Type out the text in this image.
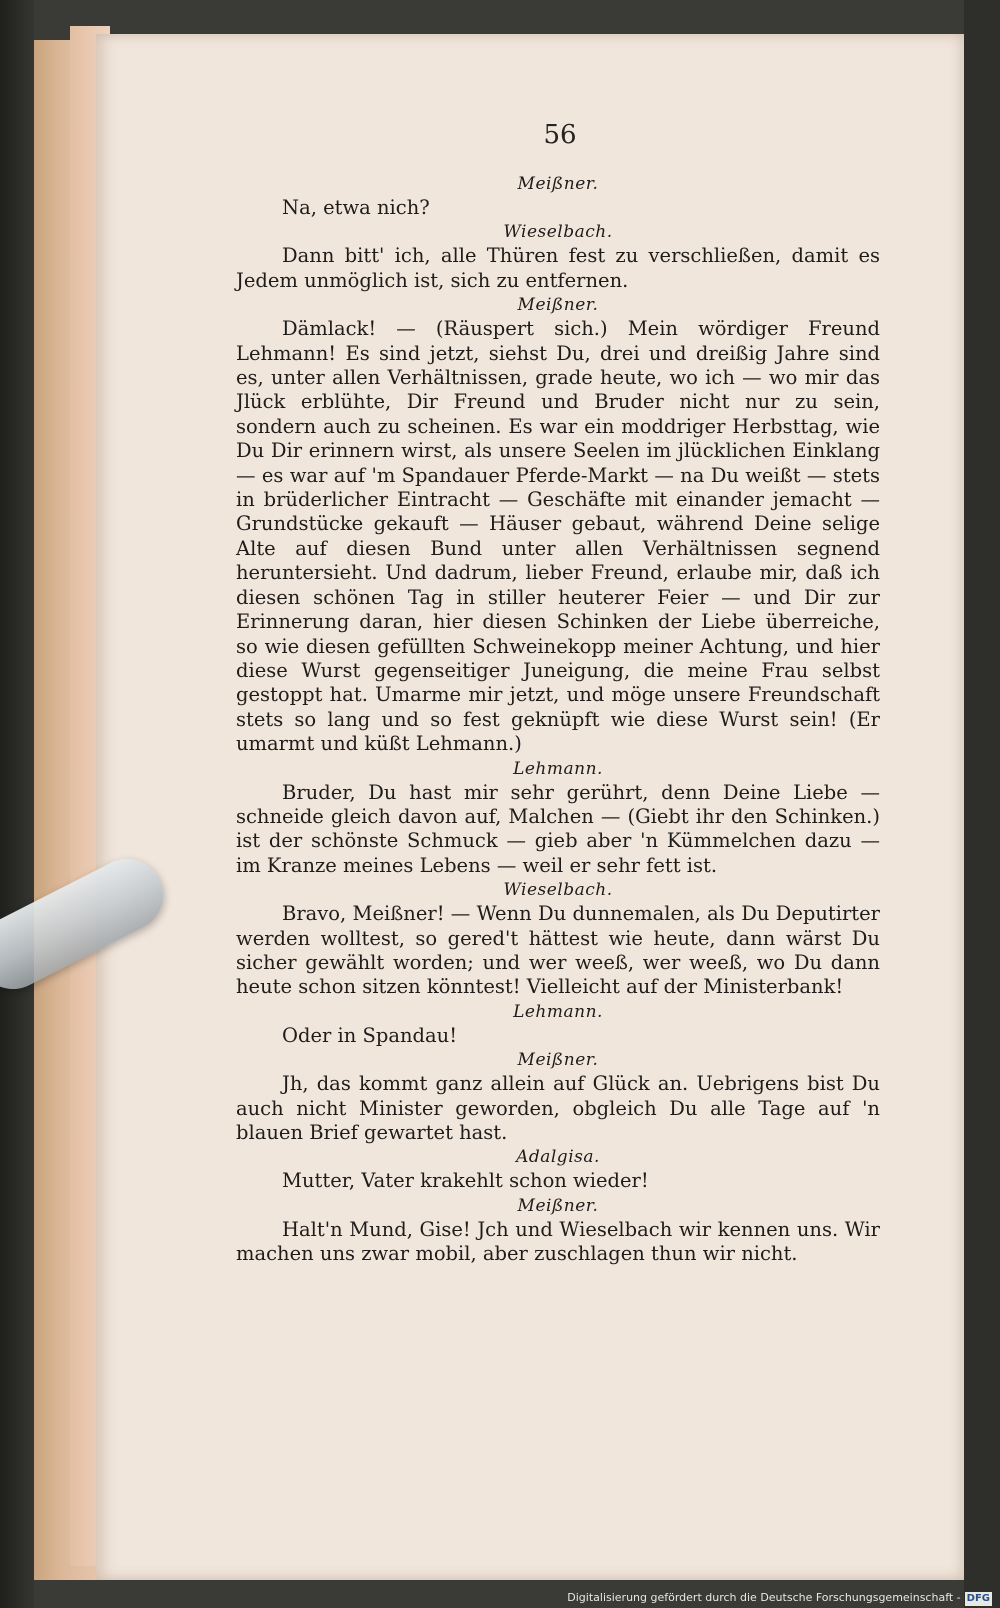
56

Meißner.

Na, etwa nich?

Wieselbach.

Dann bitt' ich, alle Thüren fest zu verschließen, damit es Jedem unmöglich ist, sich zu entfernen.

Meißner.

Dämlack! — (Räuspert sich.) Mein wördiger Freund Lehmann! Es sind jetzt, siehst Du, drei und dreißig Jahre sind es, unter allen Verhältnissen, grade heute, wo ich — wo mir das Jlück erblühte, Dir Freund und Bruder nicht nur zu sein, sondern auch zu scheinen. Es war ein moddriger Herbsttag, wie Du Dir erinnern wirst, als unsere Seelen im jlücklichen Einklang — es war auf 'm Spandauer Pferde-Markt — na Du weißt — stets in brüderlicher Eintracht — Geschäfte mit einander jemacht — Grundstücke gekauft — Häuser gebaut, während Deine selige Alte auf diesen Bund unter allen Verhältnissen segnend heruntersieht. Und dadrum, lieber Freund, erlaube mir, daß ich diesen schönen Tag in stiller heuterer Feier — und Dir zur Erinnerung daran, hier diesen Schinken der Liebe überreiche, so wie diesen gefüllten Schweinekopp meiner Achtung, und hier diese Wurst gegenseitiger Juneigung, die meine Frau selbst gestoppt hat. Umarme mir jetzt, und möge unsere Freundschaft stets so lang und so fest geknüpft wie diese Wurst sein! (Er umarmt und küßt Lehmann.)

Lehmann.

Bruder, Du hast mir sehr gerührt, denn Deine Liebe — schneide gleich davon auf, Malchen — (Giebt ihr den Schinken.) ist der schönste Schmuck — gieb aber 'n Kümmelchen dazu — im Kranze meines Lebens — weil er sehr fett ist.

Wieselbach.

Bravo, Meißner! — Wenn Du dunnemalen, als Du Deputirter werden wolltest, so gered't hättest wie heute, dann wärst Du sicher gewählt worden; und wer weeß, wer weeß, wo Du dann heute schon sitzen könntest! Vielleicht auf der Ministerbank!

Lehmann.

Oder in Spandau!

Meißner.

Jh, das kommt ganz allein auf Glück an. Uebrigens bist Du auch nicht Minister geworden, obgleich Du alle Tage auf 'n blauen Brief gewartet hast.

Adalgisa.

Mutter, Vater krakehlt schon wieder!

Meißner.

Halt'n Mund, Gise! Jch und Wieselbach wir kennen uns. Wir machen uns zwar mobil, aber zuschlagen thun wir nicht.

Digitalisierung gefördert durch die Deutsche Forschungsgemeinschaft - DFG
